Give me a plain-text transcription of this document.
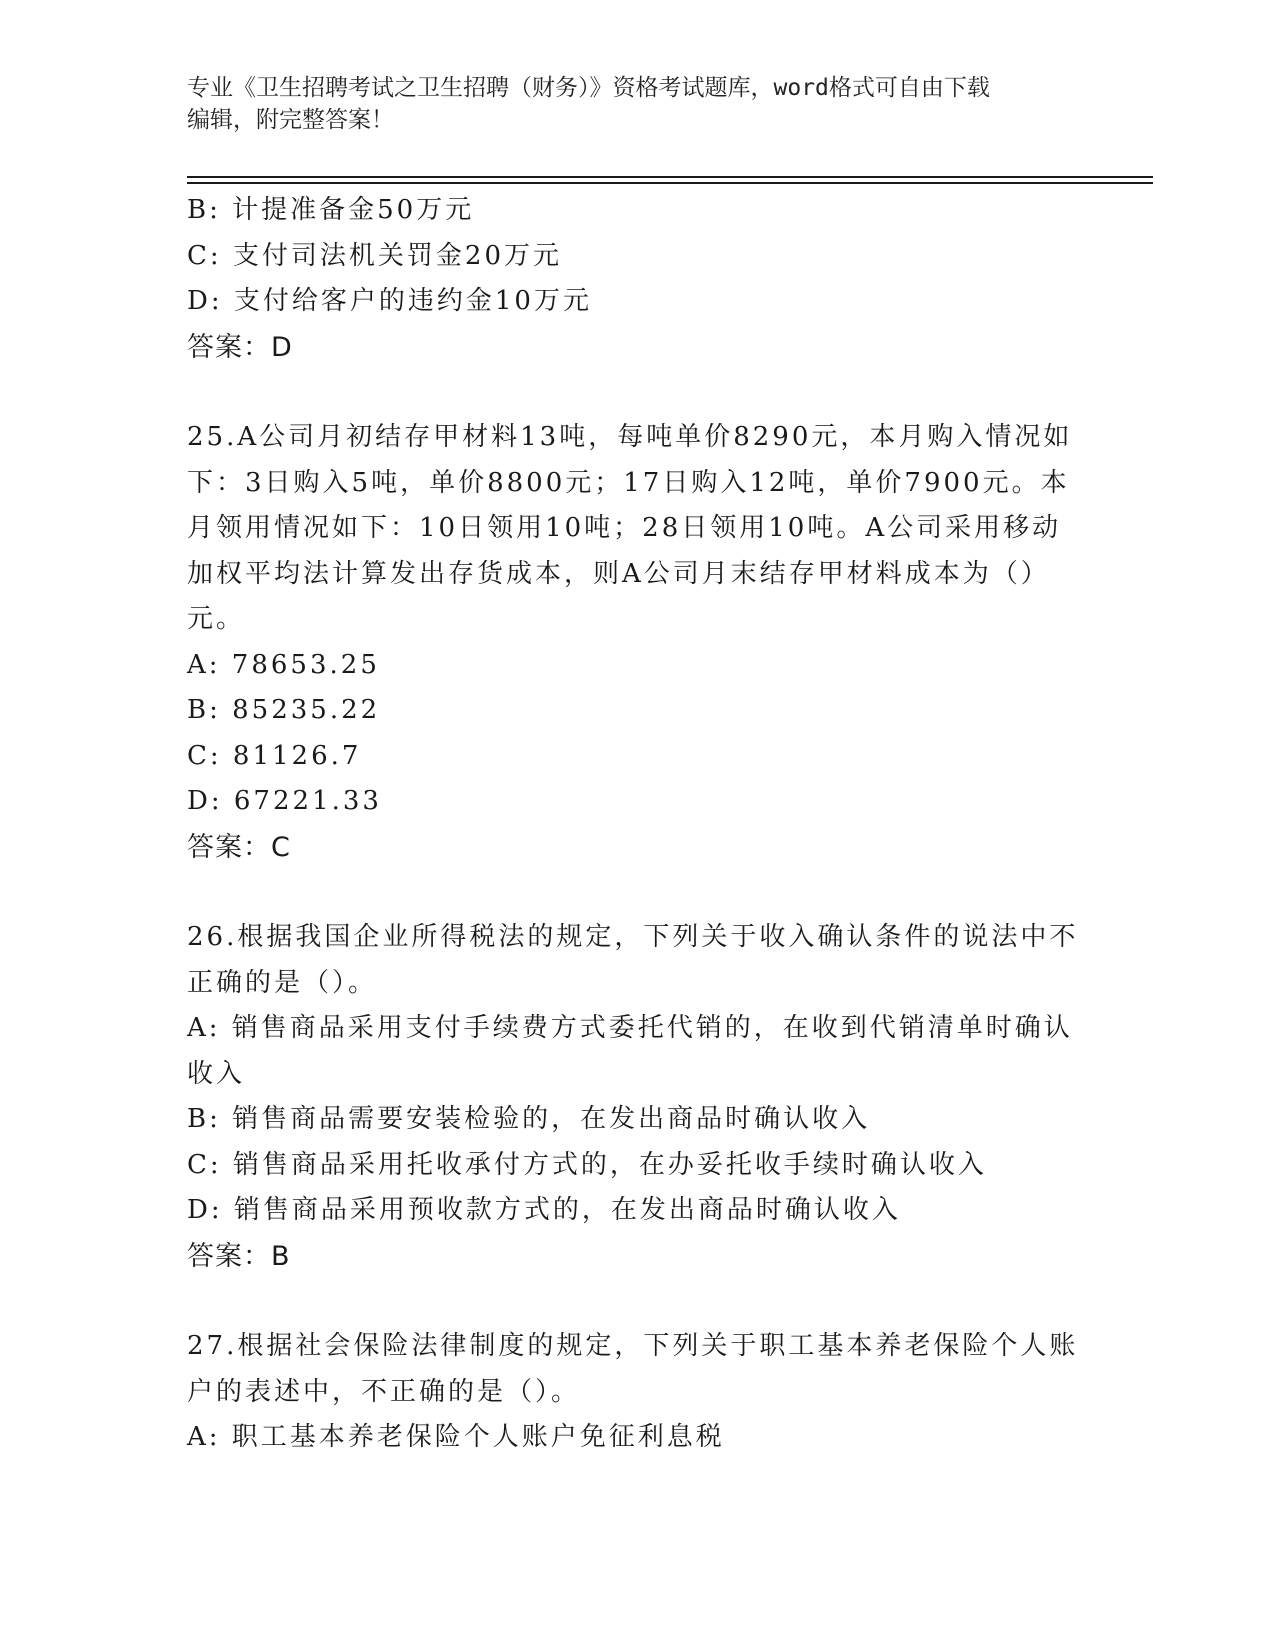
专业《卫生招聘考试之卫生招聘（财务）》资格考试题库，word格式可自由下载
编辑，附完整答案！
B: 计提准备金50万元
C: 支付司法机关罚金20万元
D: 支付给客户的违约金10万元
答案：D
25.A公司月初结存甲材料13吨，每吨单价8290元，本月购入情况如
下：3日购入5吨，单价8800元；17日购入12吨，单价7900元。本
月领用情况如下：10日领用10吨；28日领用10吨。A公司采用移动
加权平均法计算发出存货成本，则A公司月末结存甲材料成本为（）
元。
A: 78653.25
B: 85235.22
C: 81126.7
D: 67221.33
答案：C
26.根据我国企业所得税法的规定，下列关于收入确认条件的说法中不
正确的是（）。
A: 销售商品采用支付手续费方式委托代销的，在收到代销清单时确认
收入
B: 销售商品需要安装检验的，在发出商品时确认收入
C: 销售商品采用托收承付方式的，在办妥托收手续时确认收入
D: 销售商品采用预收款方式的，在发出商品时确认收入
答案：B
27.根据社会保险法律制度的规定，下列关于职工基本养老保险个人账
户的表述中，不正确的是（）。
A: 职工基本养老保险个人账户免征利息税
